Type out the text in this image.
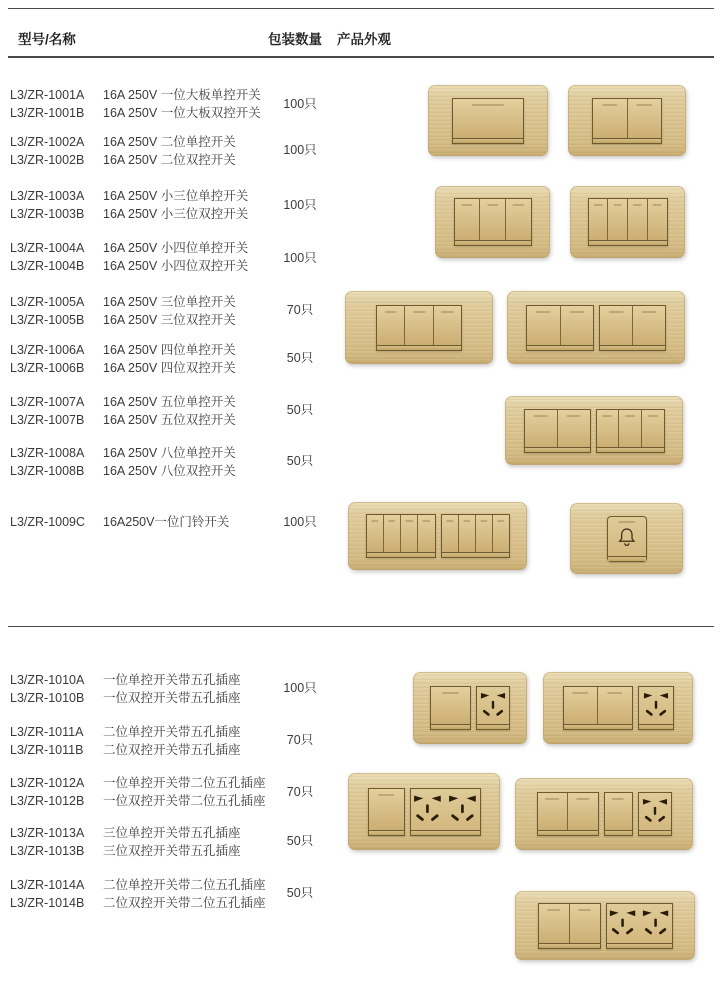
型号/名称	包装数量 产品外观
L3/ZR-1001A	16A 250V 一位大板单控开关
L3/ZR-1001B	16A 250V 一位大板双控开关
100只
L3/ZR-1002A	16A 250V 二位单控开关
L3/ZR-1002B	16A 250V 二位双控开关
100只
L3/ZR-1003A	16A 250V 小三位单控开关
L3/ZR-1003B	16A 250V 小三位双控开关
100只
L3/ZR-1004A	16A 250V 小四位单控开关
L3/ZR-1004B	16A 250V 小四位双控开关
100只
L3/ZR-1005A	16A 250V 三位单控开关
L3/ZR-1005B	16A 250V 三位双控开关
70只
L3/ZR-1006A	16A 250V 四位单控开关
L3/ZR-1006B	16A 250V 四位双控开关
50只
L3/ZR-1007A	16A 250V 五位单控开关
L3/ZR-1007B	16A 250V 五位双控开关
50只
L3/ZR-1008A	16A 250V 八位单控开关
L3/ZR-1008B	16A 250V 八位双控开关
50只
L3/ZR-1009C	16A250V一位门铃开关	100只
L3/ZR-1010A	一位单控开关带五孔插座
L3/ZR-1010B	一位双控开关带五孔插座
100只
L3/ZR-1011A	二位单控开关带五孔插座
L3/ZR-1011B	二位双控开关带五孔插座
70只
L3/ZR-1012A	一位单控开关带二位五孔插座
L3/ZR-1012B	一位双控开关带二位五孔插座
70只
L3/ZR-1013A	三位单控开关带五孔插座
L3/ZR-1013B	三位双控开关带五孔插座
50只
L3/ZR-1014A	二位单控开关带二位五孔插座
L3/ZR-1014B	二位双控开关带二位五孔插座
50只
